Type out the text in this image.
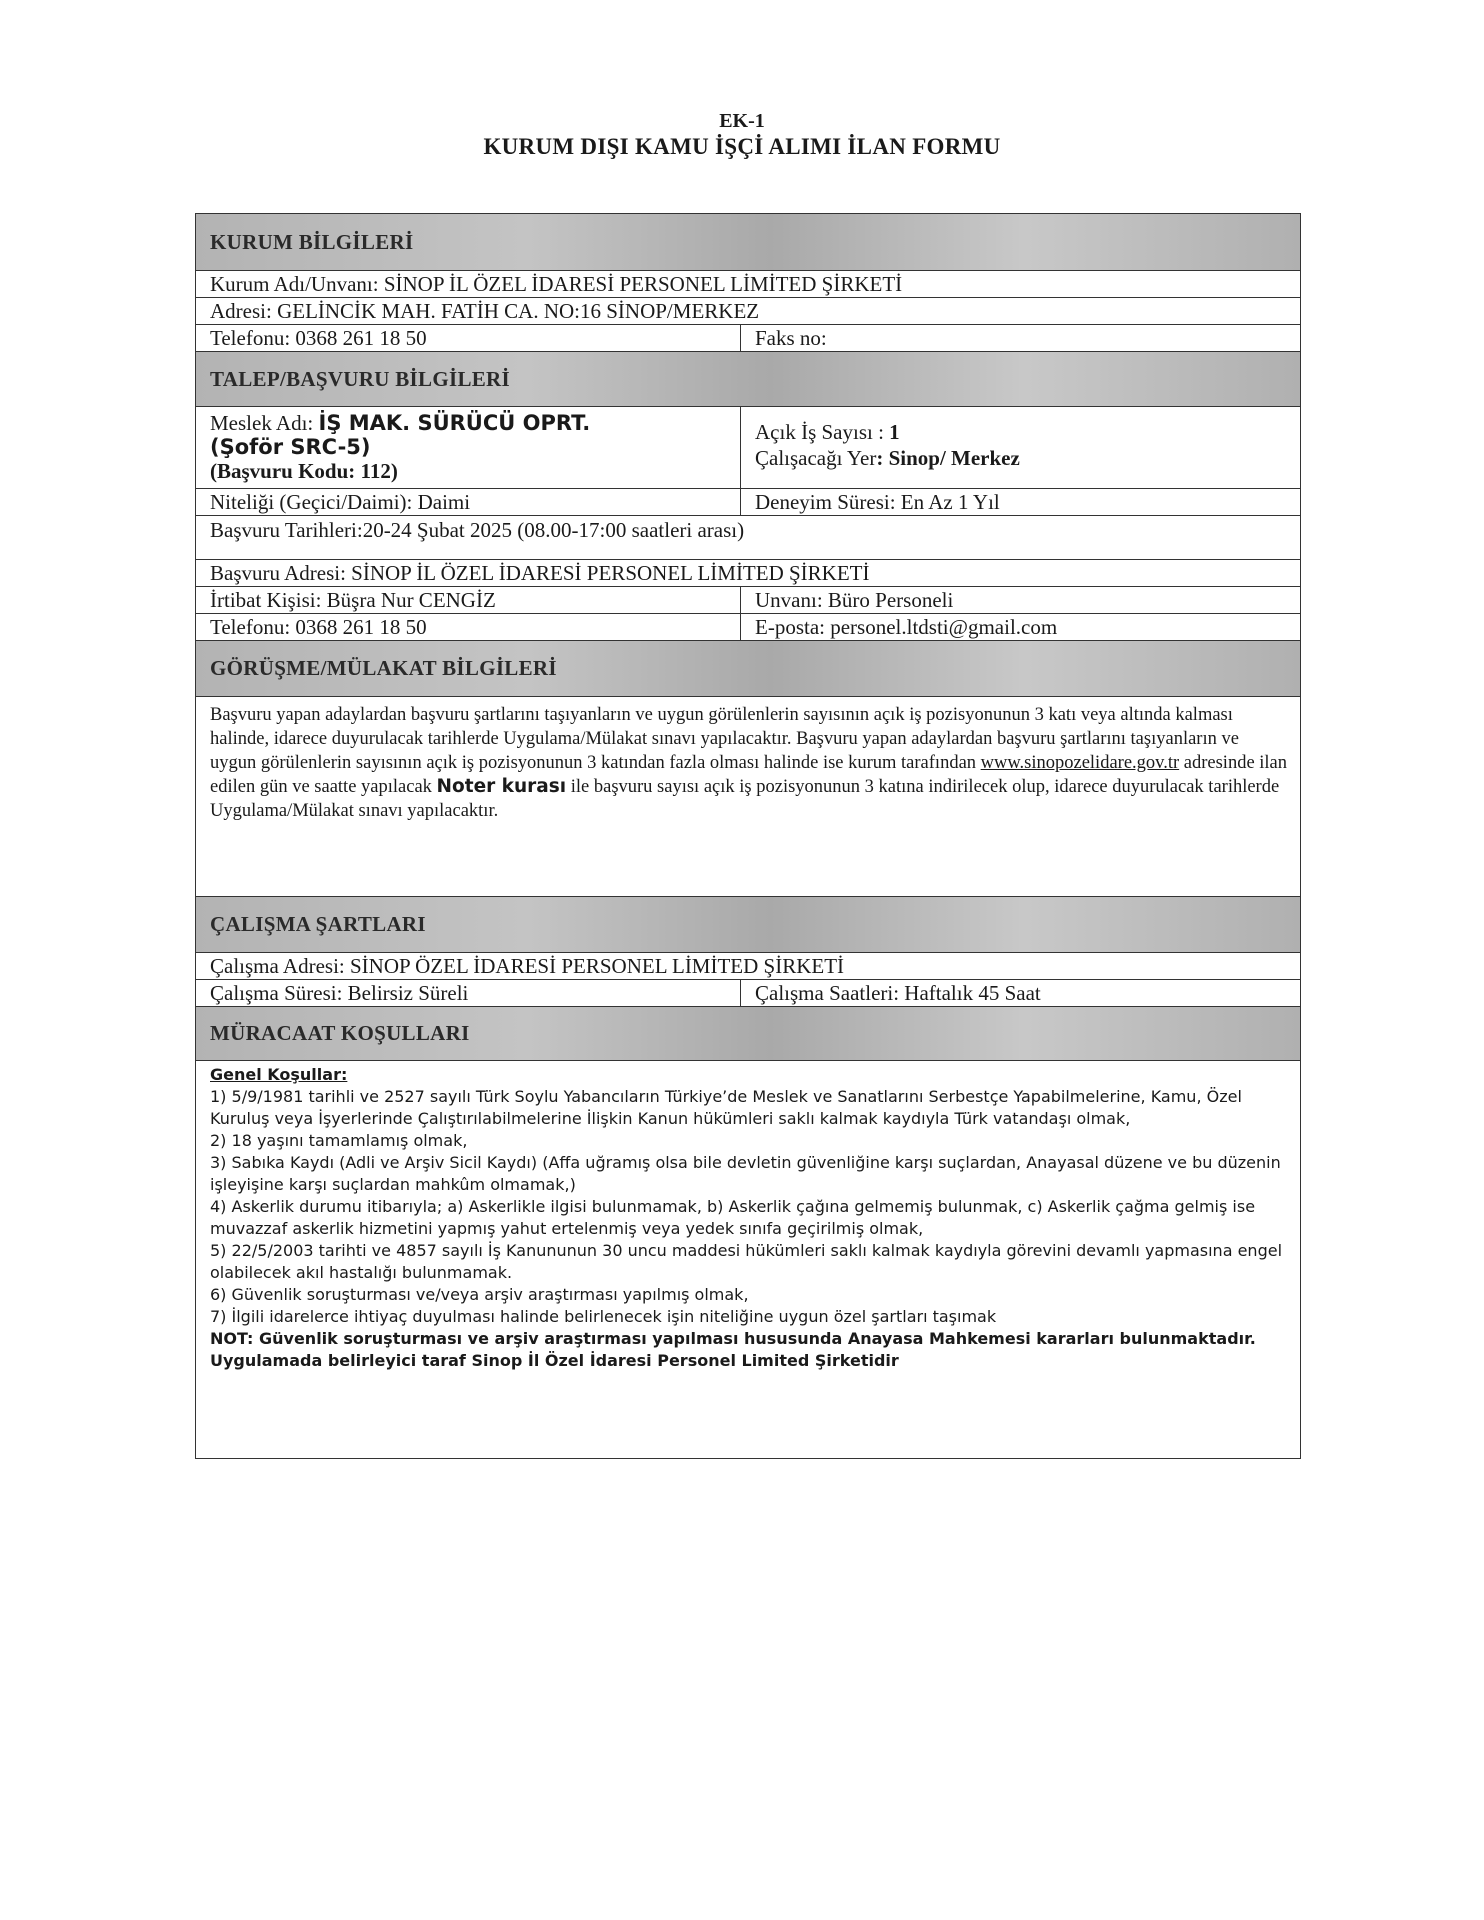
EK-1
KURUM DIŞI KAMU İŞÇİ ALIMI İLAN FORMU
KURUM BİLGİLERİ
Kurum Adı/Unvanı: SİNOP İL ÖZEL İDARESİ PERSONEL LİMİTED ŞİRKETİ
Adresi: GELİNCİK MAH. FATİH CA. NO:16 SİNOP/MERKEZ
Telefonu: 0368 261 18 50	Faks no:
TALEP/BAŞVURU BİLGİLERİ
Meslek Adı: İŞ MAK. SÜRÜCÜ OPRT.
(Şoför SRC-5)
(Başvuru Kodu: 112)
Açık İş Sayısı : 1
Çalışacağı Yer: Sinop/ Merkez
Niteliği (Geçici/Daimi): Daimi	Deneyim Süresi: En Az 1 Yıl
Başvuru Tarihleri:20-24 Şubat 2025 (08.00-17:00 saatleri arası)
Başvuru Adresi: SİNOP İL ÖZEL İDARESİ PERSONEL LİMİTED ŞİRKETİ
İrtibat Kişisi: Büşra Nur CENGİZ	Unvanı: Büro Personeli
Telefonu: 0368 261 18 50	E-posta: personel.ltdsti@gmail.com
GÖRÜŞME/MÜLAKAT BİLGİLERİ
Başvuru yapan adaylardan başvuru şartlarını taşıyanların ve uygun görülenlerin sayısının açık iş pozisyonunun 3 katı veya altında kalması halinde, idarece duyurulacak tarihlerde Uygulama/Mülakat sınavı yapılacaktır. Başvuru yapan adaylardan başvuru şartlarını taşıyanların ve uygun görülenlerin sayısının açık iş pozisyonunun 3 katından fazla olması halinde ise kurum tarafından www.sinopozelidare.gov.tr adresinde ilan edilen gün ve saatte yapılacak Noter kurası ile başvuru sayısı açık iş pozisyonunun 3 katına indirilecek olup, idarece duyurulacak tarihlerde Uygulama/Mülakat sınavı yapılacaktır.
ÇALIŞMA ŞARTLARI
Çalışma Adresi: SİNOP ÖZEL İDARESİ PERSONEL LİMİTED ŞİRKETİ
Çalışma Süresi: Belirsiz Süreli	Çalışma Saatleri: Haftalık 45 Saat
MÜRACAAT KOŞULLARI
Genel Koşullar:
1) 5/9/1981 tarihli ve 2527 sayılı Türk Soylu Yabancıların Türkiye’de Meslek ve Sanatlarını Serbestçe Yapabilmelerine, Kamu, Özel Kuruluş veya İşyerlerinde Çalıştırılabilmelerine İlişkin Kanun hükümleri saklı kalmak kaydıyla Türk vatandaşı olmak,
2) 18 yaşını tamamlamış olmak,
3) Sabıka Kaydı (Adli ve Arşiv Sicil Kaydı) (Affa uğramış olsa bile devletin güvenliğine karşı suçlardan, Anayasal düzene ve bu düzenin işleyişine karşı suçlardan mahkûm olmamak,)
4) Askerlik durumu itibarıyla; a) Askerlikle ilgisi bulunmamak, b) Askerlik çağına gelmemiş bulunmak, c) Askerlik çağma gelmiş ise muvazzaf askerlik hizmetini yapmış yahut ertelenmiş veya yedek sınıfa geçirilmiş olmak,
5) 22/5/2003 tarihti ve 4857 sayılı İş Kanununun 30 uncu maddesi hükümleri saklı kalmak kaydıyla görevini devamlı yapmasına engel olabilecek akıl hastalığı bulunmamak.
6) Güvenlik soruşturması ve/veya arşiv araştırması yapılmış olmak,
7) İlgili idarelerce ihtiyaç duyulması halinde belirlenecek işin niteliğine uygun özel şartları taşımak
NOT: Güvenlik soruşturması ve arşiv araştırması yapılması hususunda Anayasa Mahkemesi kararları bulunmaktadır. Uygulamada belirleyici taraf Sinop İl Özel İdaresi Personel Limited Şirketidir
